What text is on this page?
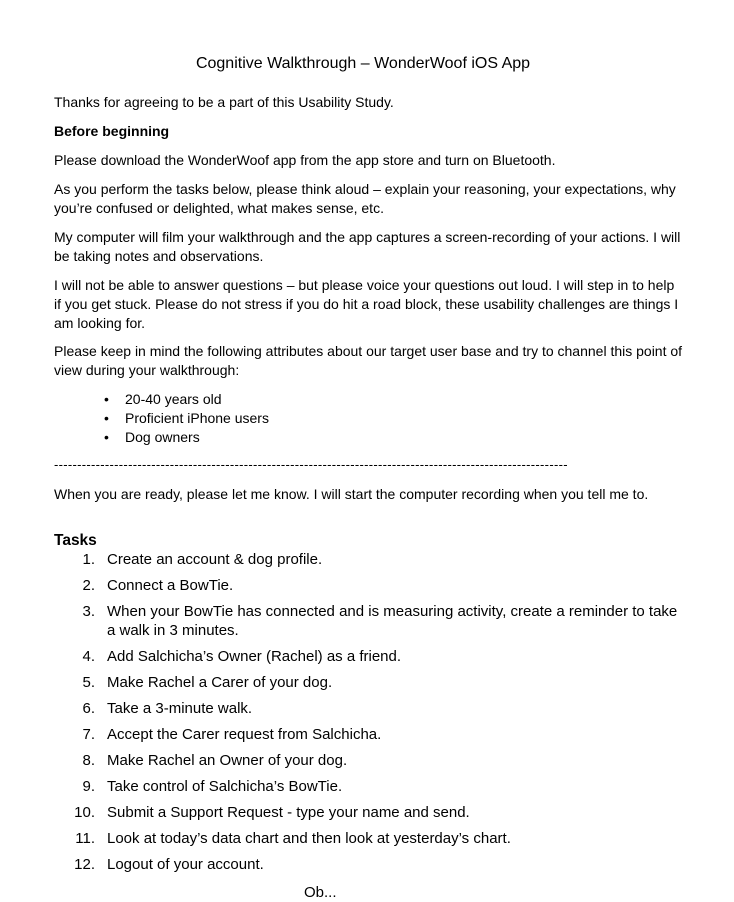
Cognitive Walkthrough – WonderWoof iOS App

Thanks for agreeing to be a part of this Usability Study.

Before beginning

Please download the WonderWoof app from the app store and turn on Bluetooth.

As you perform the tasks below, please think aloud – explain your reasoning, your expectations, why you’re confused or delighted, what makes sense, etc.

My computer will film your walkthrough and the app captures a screen-recording of your actions. I will be taking notes and observations.

I will not be able to answer questions – but please voice your questions out loud. I will step in to help if you get stuck. Please do not stress if you do hit a road block, these usability challenges are things I am looking for.

Please keep in mind the following attributes about our target user base and try to channel this point of view during your walkthrough:

• 20-40 years old
• Proficient iPhone users
• Dog owners

---------------------------------------------------------------------------------------------------------------

When you are ready, please let me know. I will start the computer recording when you tell me to.

Tasks

1. Create an account & dog profile.
2. Connect a BowTie.
3. When your BowTie has connected and is measuring activity, create a reminder to take a walk in 3 minutes.
4. Add Salchicha’s Owner (Rachel) as a friend.
5. Make Rachel a Carer of your dog.
6. Take a 3-minute walk.
7. Accept the Carer request from Salchicha.
8. Make Rachel an Owner of your dog.
9. Take control of Salchicha’s BowTie.
10. Submit a Support Request - type your name and send.
11. Look at today’s data chart and then look at yesterday’s chart.
12. Logout of your account.

Ob...
